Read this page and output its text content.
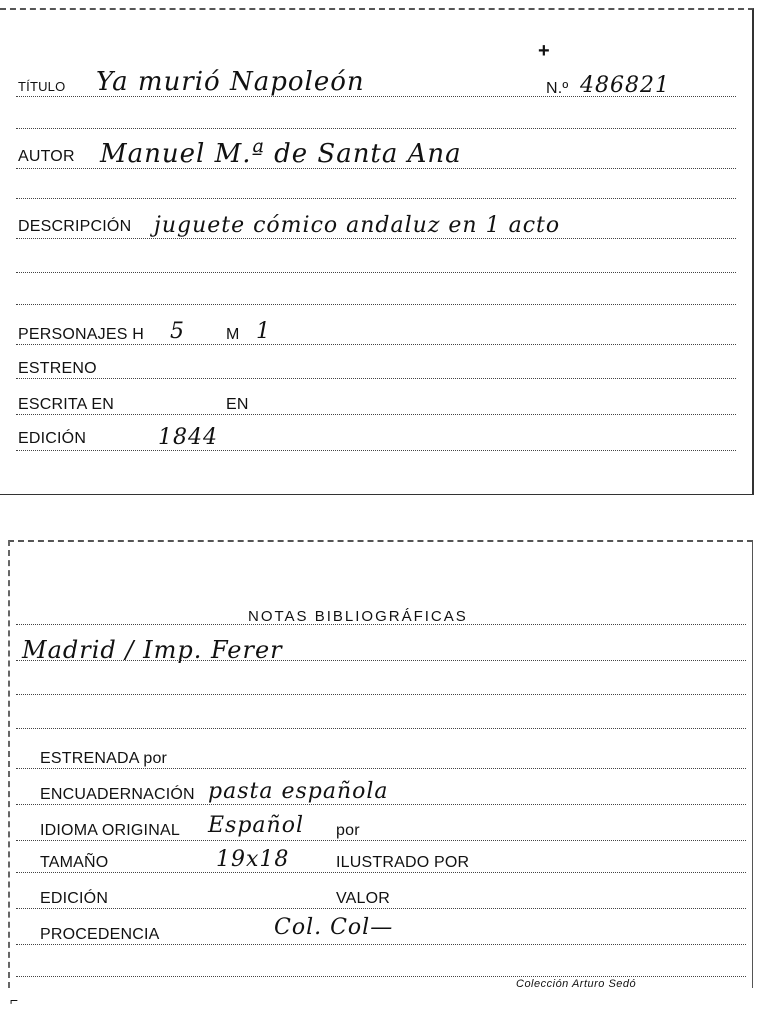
+
TÍTULO Ya murió Napoleón	N.º 486821
AUTOR Manuel M.ª de Santa Ana
DESCRIPCIÓN juguete cómico andaluz en 1 acto
PERSONAJES H 5	M 1
ESTRENO
ESCRITA EN	EN
EDICIÓN	1844
NOTAS BIBLIOGRÁFICAS
Madrid / Imp. Ferer
ESTRENADA por
ENCUADERNACIÓN pasta española
IDIOMA ORIGINAL Español por
TAMAÑO	19x18	ILUSTRADO POR
EDICIÓN	VALOR
PROCEDENCIA	Col. Col—
Colección Arturo Sedó
⌐
